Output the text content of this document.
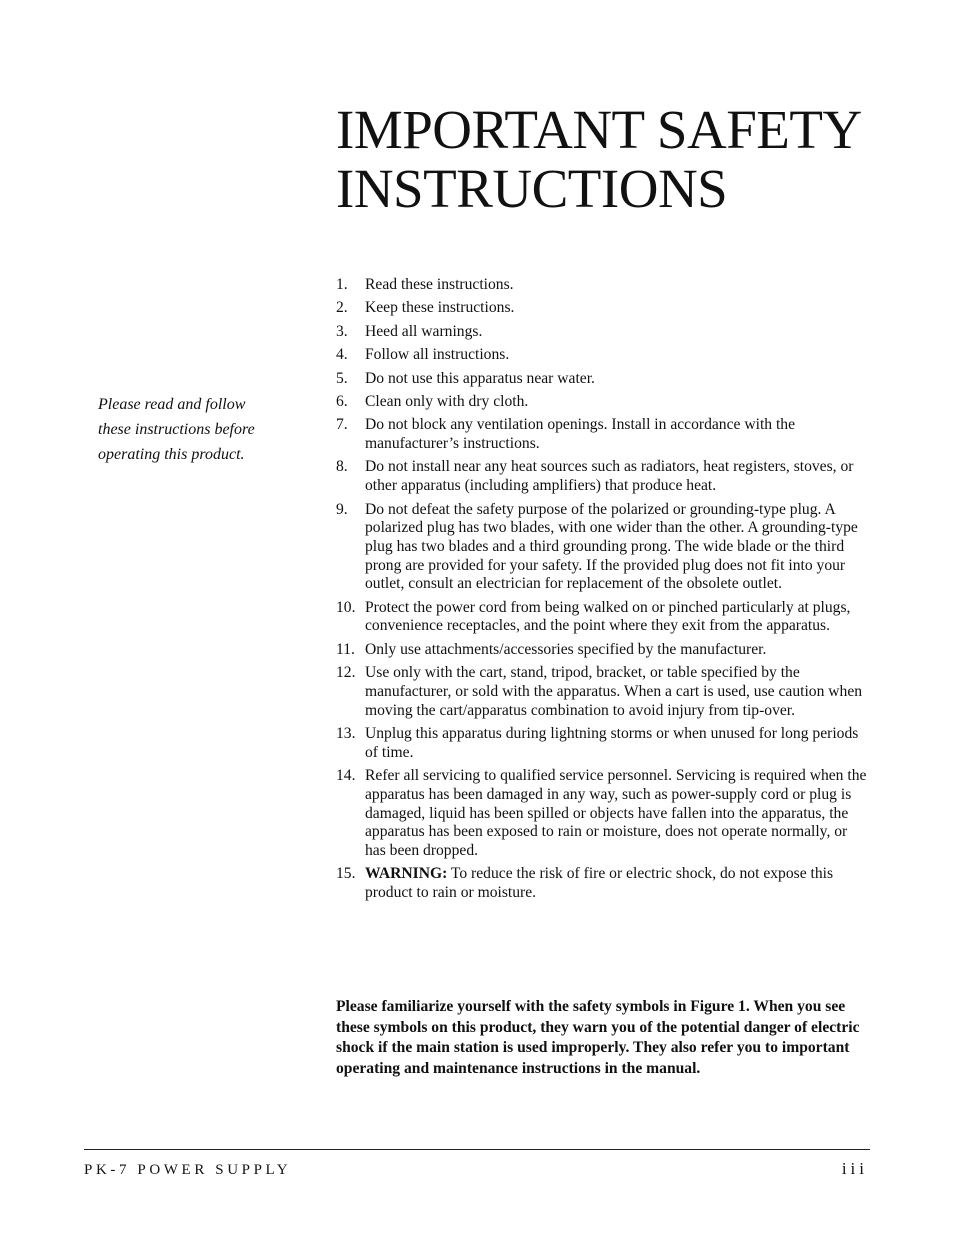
IMPORTANT SAFETY
INSTRUCTIONS
Please read and follow
these instructions before
operating this product.
1. Read these instructions.
2. Keep these instructions.
3. Heed all warnings.
4. Follow all instructions.
5. Do not use this apparatus near water.
6. Clean only with dry cloth.
7. Do not block any ventilation openings. Install in accordance with the manufacturer’s instructions.
8. Do not install near any heat sources such as radiators, heat registers, stoves, or other apparatus (including amplifiers) that produce heat.
9. Do not defeat the safety purpose of the polarized or grounding-type plug. A polarized plug has two blades, with one wider than the other. A grounding-type plug has two blades and a third grounding prong. The wide blade or the third prong are provided for your safety. If the provided plug does not fit into your outlet, consult an electrician for replacement of the obsolete outlet.
10. Protect the power cord from being walked on or pinched particularly at plugs, convenience receptacles, and the point where they exit from the apparatus.
11. Only use attachments/accessories specified by the manufacturer.
12. Use only with the cart, stand, tripod, bracket, or table specified by the manufacturer, or sold with the apparatus. When a cart is used, use caution when moving the cart/apparatus combination to avoid injury from tip-over.
13. Unplug this apparatus during lightning storms or when unused for long periods of time.
14. Refer all servicing to qualified service personnel. Servicing is required when the apparatus has been damaged in any way, such as power-supply cord or plug is damaged, liquid has been spilled or objects have fallen into the apparatus, the apparatus has been exposed to rain or moisture, does not operate normally, or has been dropped.
15. WARNING: To reduce the risk of fire or electric shock, do not expose this product to rain or moisture.
Please familiarize yourself with the safety symbols in Figure 1. When you see these symbols on this product, they warn you of the potential danger of electric shock if the main station is used improperly. They also refer you to important operating and maintenance instructions in the manual.
PK-7 POWER SUPPLY	iii
